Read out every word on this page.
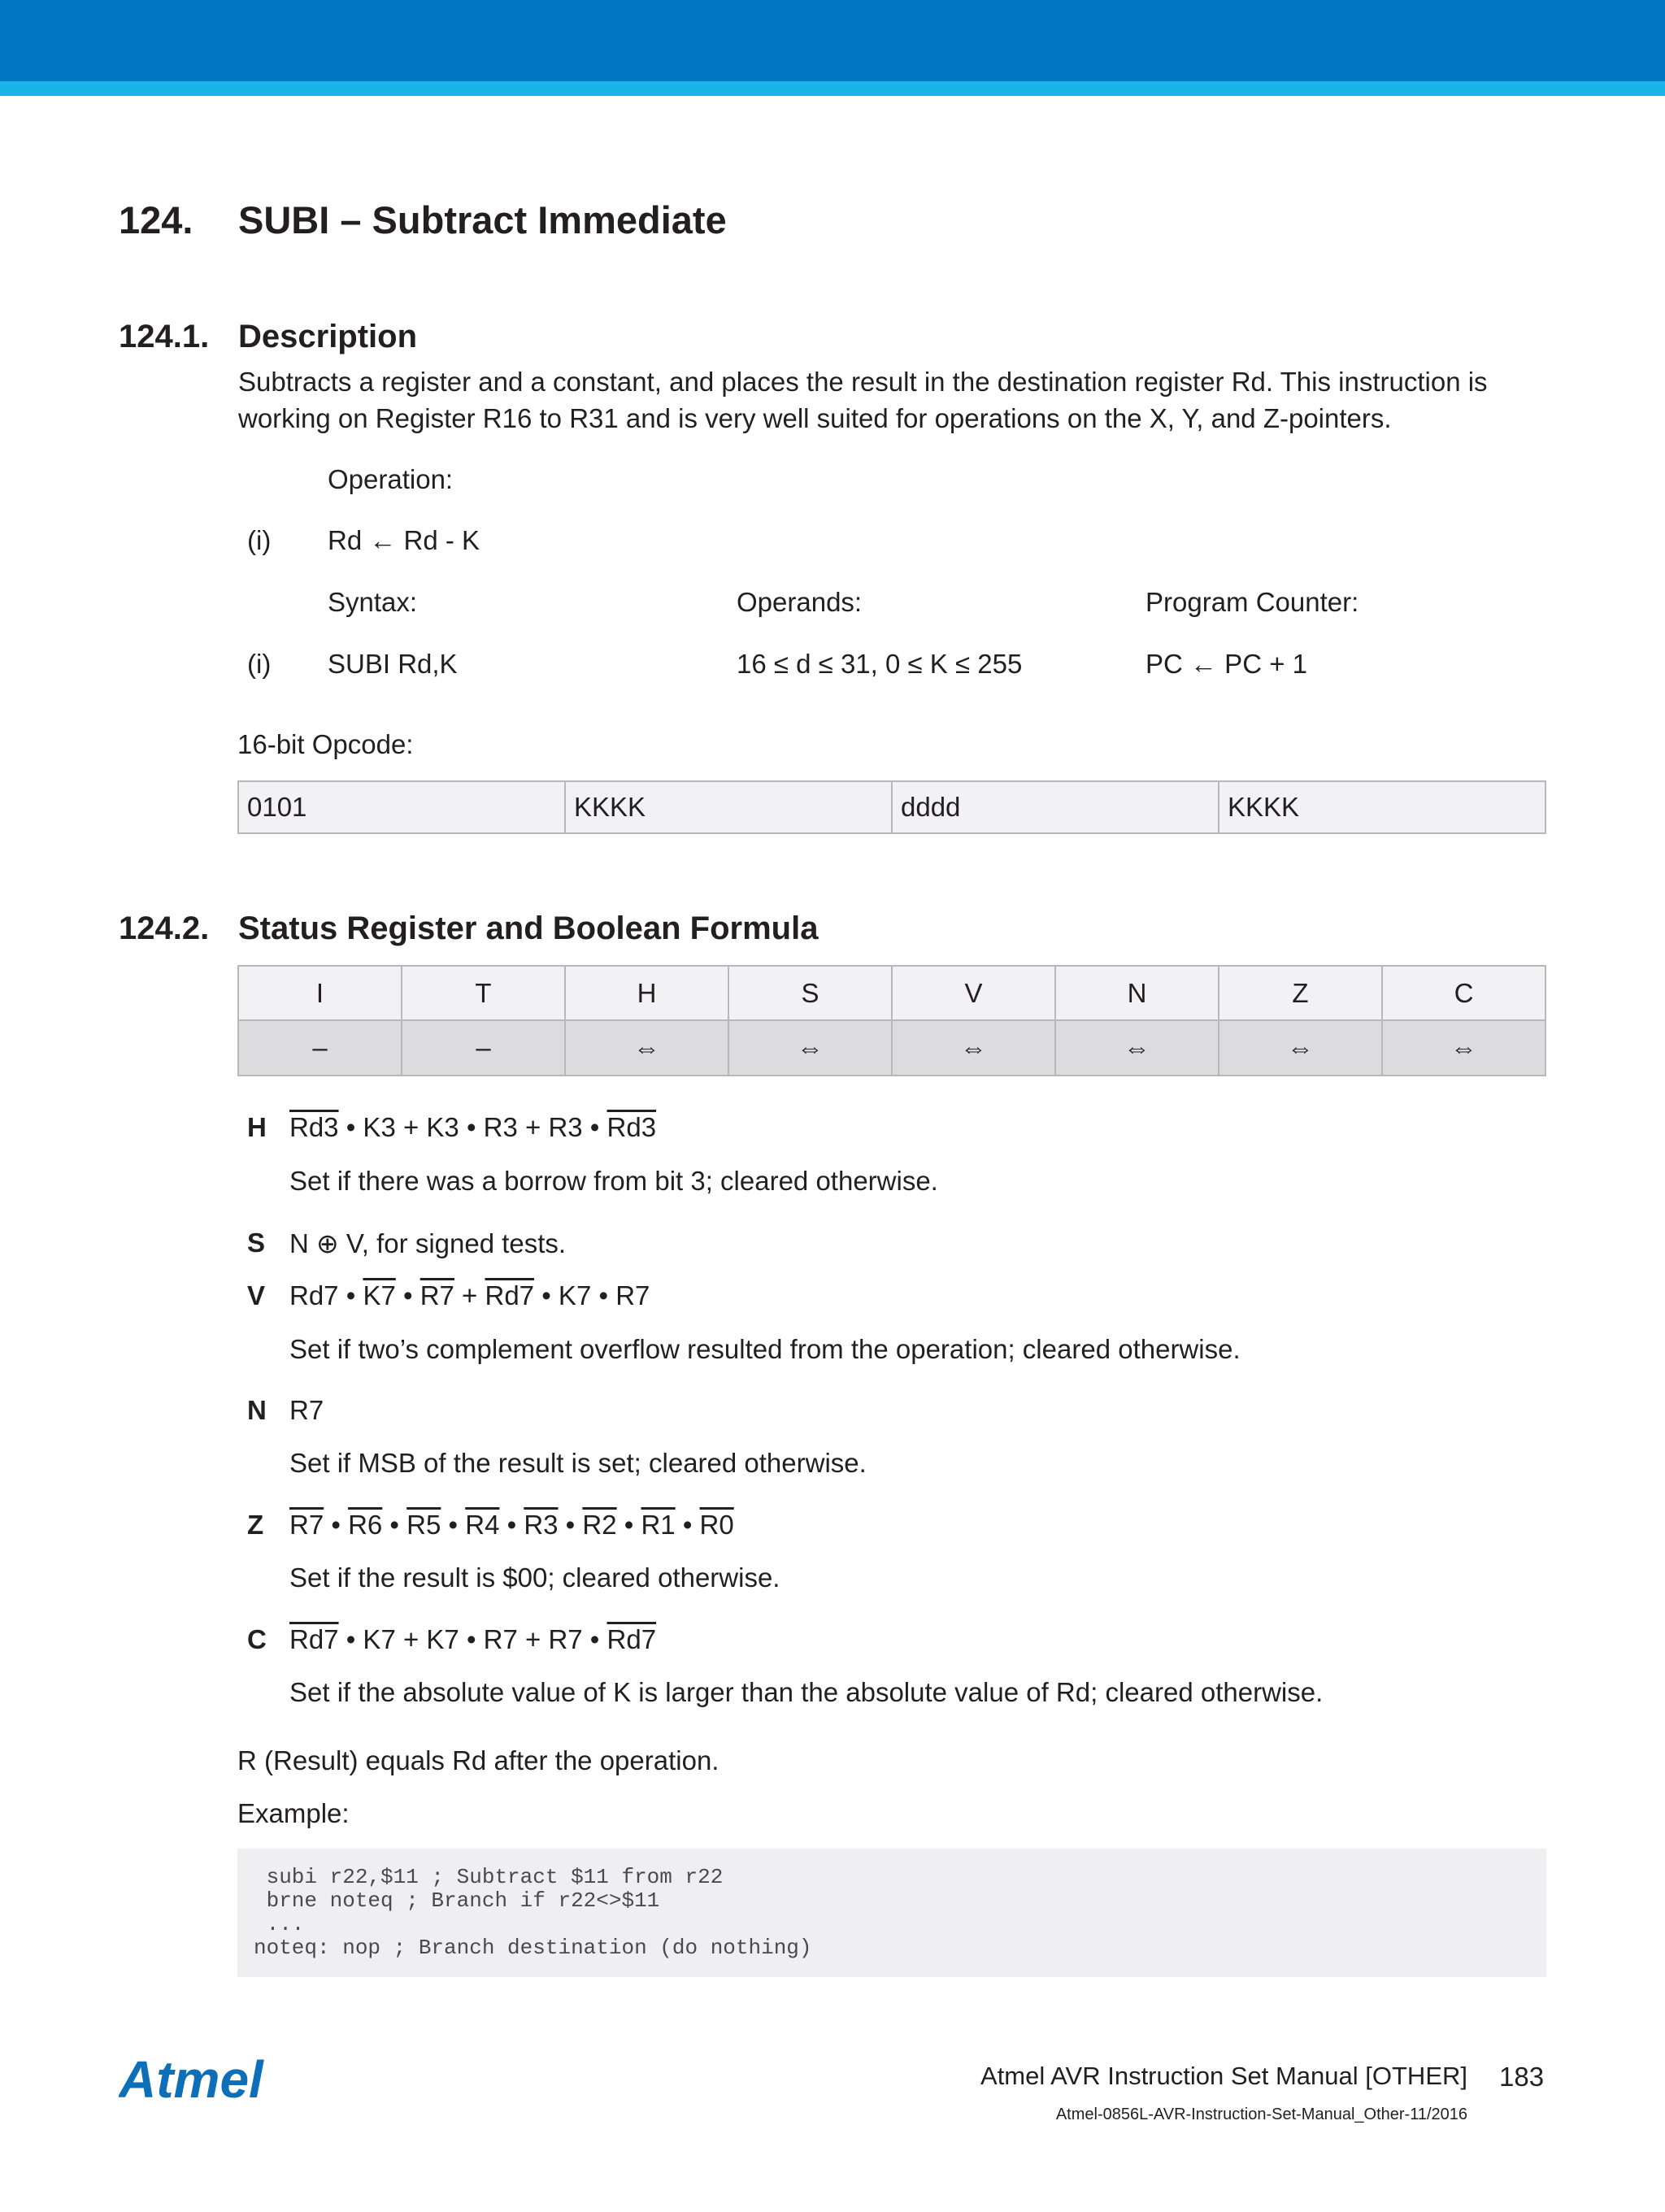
124. SUBI – Subtract Immediate
124.1. Description
Subtracts a register and a constant, and places the result in the destination register Rd. This instruction is working on Register R16 to R31 and is very well suited for operations on the X, Y, and Z-pointers.
Operation:
(i) Rd ← Rd - K
Syntax:	Operands:	Program Counter:
(i) SUBI Rd,K	16 ≤ d ≤ 31, 0 ≤ K ≤ 255	PC ← PC + 1
16-bit Opcode:
0101	KKKK	dddd	KKKK
124.2. Status Register and Boolean Formula
I	T	H	S	V	N	Z	C
–	–	⇔	⇔	⇔	⇔	⇔	⇔
H Rd3 • K3 + K3 • R3 + R3 • Rd3
Set if there was a borrow from bit 3; cleared otherwise.
S N ⊕ V, for signed tests.
V Rd7 • K7 • R7 + Rd7 • K7 • R7
Set if two’s complement overflow resulted from the operation; cleared otherwise.
N R7
Set if MSB of the result is set; cleared otherwise.
Z R7 • R6 • R5 • R4 • R3 • R2 • R1 • R0
Set if the result is $00; cleared otherwise.
C Rd7 • K7 + K7 • R7 + R7 • Rd7
Set if the absolute value of K is larger than the absolute value of Rd; cleared otherwise.
R (Result) equals Rd after the operation.
Example:
subi r22,$11 ; Subtract $11 from r22
brne noteq ; Branch if r22<>$11
...
noteq: nop ; Branch destination (do nothing)
Atmel	Atmel AVR Instruction Set Manual [OTHER] 183
Atmel-0856L-AVR-Instruction-Set-Manual_Other-11/2016
